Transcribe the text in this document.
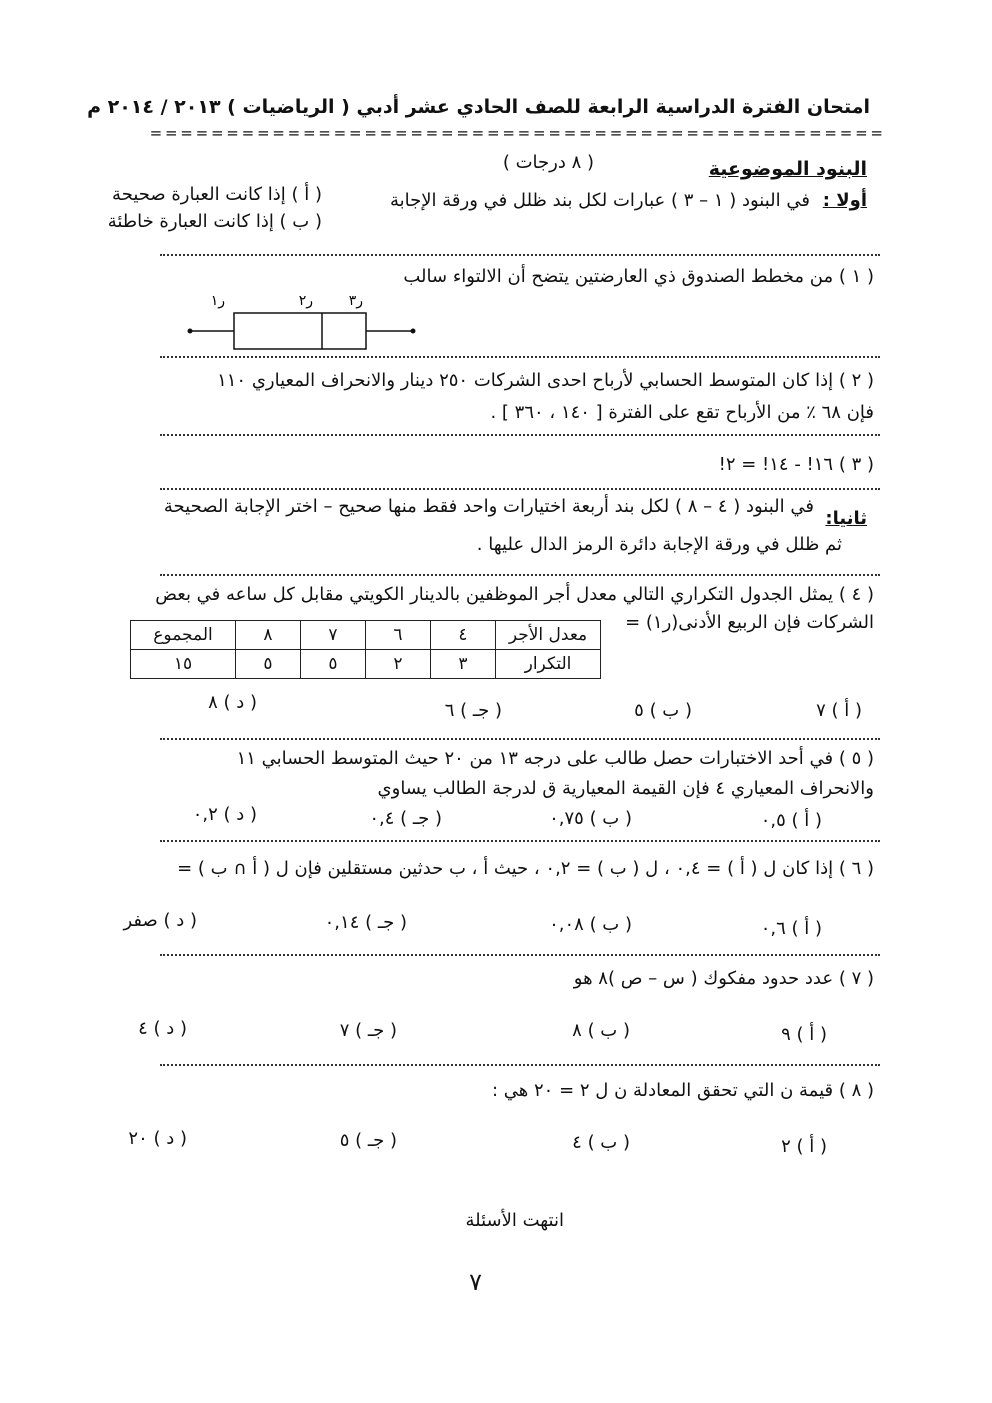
امتحان الفترة الدراسية الرابعة للصف الحادي عشر أدبي ( الرياضيات ) ٢٠١٣ / ٢٠١٤ م
= = = = = = = = = = = = = = = = = = = = = = = = = = = = = = = = = = = = = = = = = = = = = = = =
البنود الموضوعية
( ٨ درجات )
أولا :
في البنود ( ١ – ٣ ) عبارات لكل بند ظلل في ورقة الإجابة
( أ ) إذا كانت العبارة صحيحة
( ب ) إذا كانت العبارة خاطئة
( ١ ) من مخطط الصندوق ذي العارضتين يتضح أن الالتواء سالب
ر١	ر٢	ر٣
( ٢ ) إذا كان المتوسط الحسابي لأرباح احدى الشركات ٢٥٠ دينار والانحراف المعياري ١١٠
فإن ٦٨ ٪ من الأرباح تقع على الفترة [ ١٤٠ ، ٣٦٠ ] .
( ٣ ) ١٦! - ١٤! = ٢!
ثانيا:
في البنود ( ٤ – ٨ ) لكل بند أربعة اختيارات واحد فقط منها صحيح – اختر الإجابة الصحيحة
ثم ظلل في ورقة الإجابة دائرة الرمز الدال عليها .
( ٤ ) يمثل الجدول التكراري التالي معدل أجر الموظفين بالدينار الكويتي مقابل كل ساعه في بعض
الشركات فإن الربيع الأدنى(ر١) =
معدل الأجر	٤	٦	٧	٨	المجموع
التكرار	٣	٢	٥	٥	١٥
( أ ) ٧
( ب ) ٥
( جـ ) ٦
( د ) ٨
( ٥ ) في أحد الاختبارات حصل طالب على درجه ١٣ من ٢٠ حيث المتوسط الحسابي ١١
والانحراف المعياري ٤ فإن القيمة المعيارية ق لدرجة الطالب يساوي
( أ ) ٠,٥
( ب ) ٠,٧٥
( جـ ) ٠,٤
( د ) ٠,٢
( ٦ ) إذا كان ل ( أ ) = ٠,٤ ، ل ( ب ) = ٠,٢ ، حيث أ ، ب حدثين مستقلين فإن ل ( أ ∩ ب ) =
( أ ) ٠,٦
( ب ) ٠,٠٨
( جـ ) ٠,١٤
( د ) صفر
( ٧ ) عدد حدود مفكوك ( س – ص )٨ هو
( أ ) ٩
( ب ) ٨
( جـ ) ٧
( د ) ٤
( ٨ ) قيمة ن التي تحقق المعادلة ن ل ٢ = ٢٠ هي :
( أ ) ٢
( ب ) ٤
( جـ ) ٥
( د ) ٢٠
انتهت الأسئلة
٧
